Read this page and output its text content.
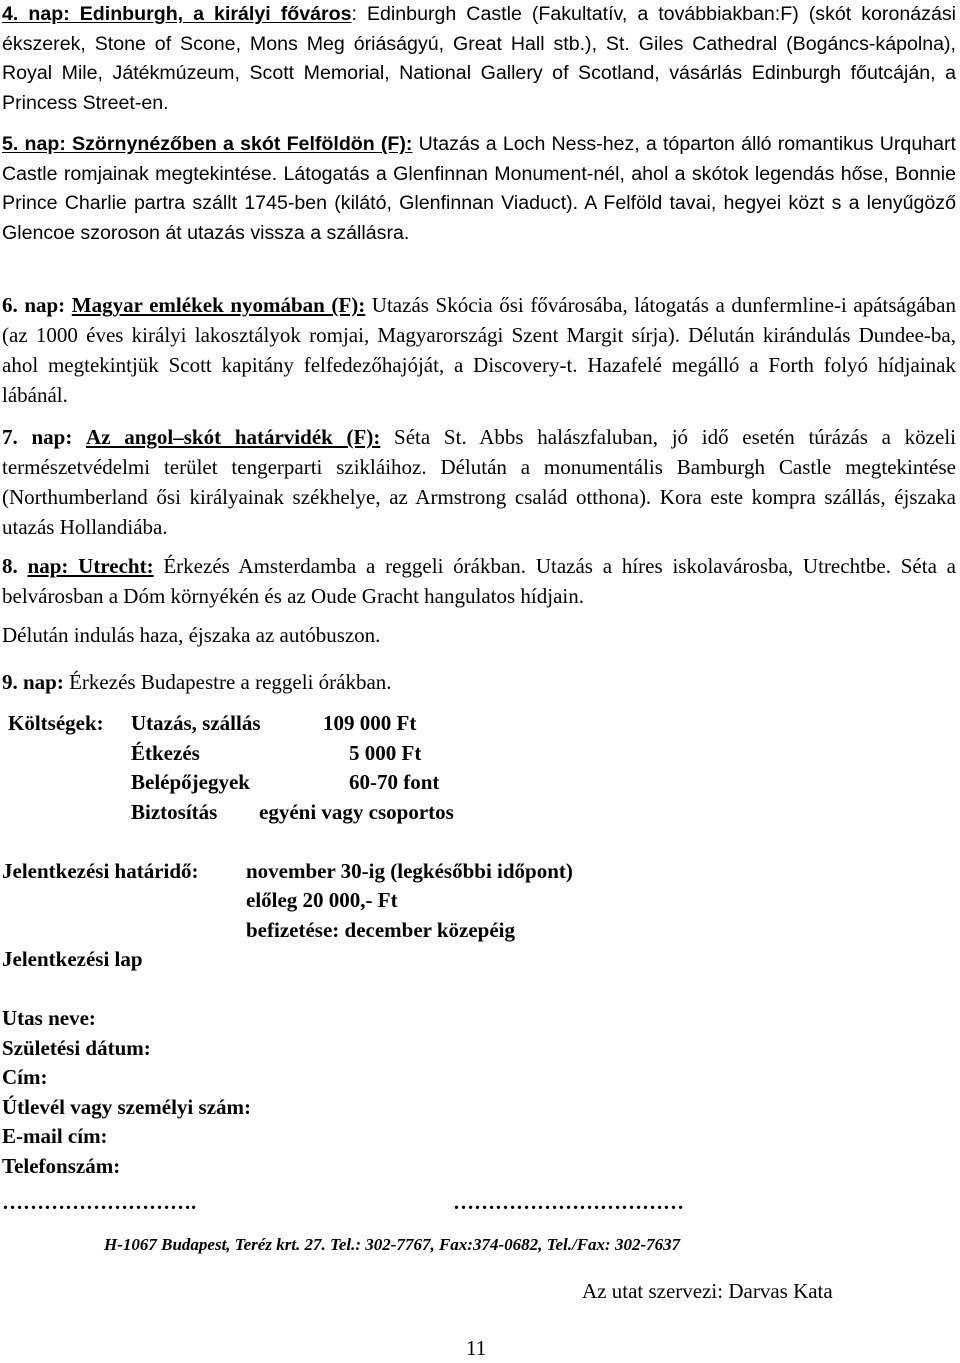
4. nap: Edinburgh, a királyi főváros: Edinburgh Castle (Fakultatív, a továbbiakban:F) (skót koronázási ékszerek, Stone of Scone, Mons Meg óriáságyú, Great Hall stb.), St. Giles Cathedral (Bogáncs-kápolna), Royal Mile, Játékmúzeum, Scott Memorial, National Gallery of Scotland, vásárlás Edinburgh főutcáján, a Princess Street-en.

5. nap: Szörnynézőben a skót Felföldön (F): Utazás a Loch Ness-hez, a tóparton álló romantikus Urquhart Castle romjainak megtekintése. Látogatás a Glenfinnan Monument-nél, ahol a skótok legendás hőse, Bonnie Prince Charlie partra szállt 1745-ben (kilátó, Glenfinnan Viaduct). A Felföld tavai, hegyei közt s a lenyűgöző Glencoe szoroson át utazás vissza a szállásra.

6. nap: Magyar emlékek nyomában (F): Utazás Skócia ősi fővárosába, látogatás a dunfermline-i apátságában (az 1000 éves királyi lakosztályok romjai, Magyarországi Szent Margit sírja). Délután kirándulás Dundee-ba, ahol megtekintjük Scott kapitány felfedezőhajóját, a Discovery-t. Hazafelé megálló a Forth folyó hídjainak lábánál.

7. nap: Az angol–skót határvidék (F): Séta St. Abbs halászfaluban, jó idő esetén túrázás a közeli természetvédelmi terület tengerparti szikláihoz. Délután a monumentális Bamburgh Castle megtekintése (Northumberland ősi királyainak székhelye, az Armstrong család otthona). Kora este kompra szállás, éjszaka utazás Hollandiába.

8. nap: Utrecht: Érkezés Amsterdamba a reggeli órákban. Utazás a híres iskolavárosba, Utrechtbe. Séta a belvárosban a Dóm környékén és az Oude Gracht hangulatos hídjain.

Délután indulás haza, éjszaka az autóbuszon.

9. nap: Érkezés Budapestre a reggeli órákban.

Költségek: Utazás, szállás	109 000 Ft
Étkezés	5 000 Ft
Belépőjegyek	60-70 font
Biztosítás egyéni vagy csoportos
Jelentkezési határidő: november 30-ig (legkésőbbi időpont)
előleg 20 000,- Ft
befizetése: december közepéig
Jelentkezési lap
Utas neve:
Születési dátum:
Cím:
Útlevél vagy személyi szám:
E-mail cím:
Telefonszám:
……………………….	……………………………
H-1067 Budapest, Teréz krt. 27. Tel.: 302-7767, Fax:374-0682, Tel./Fax: 302-7637
Az utat szervezi: Darvas Kata
11
